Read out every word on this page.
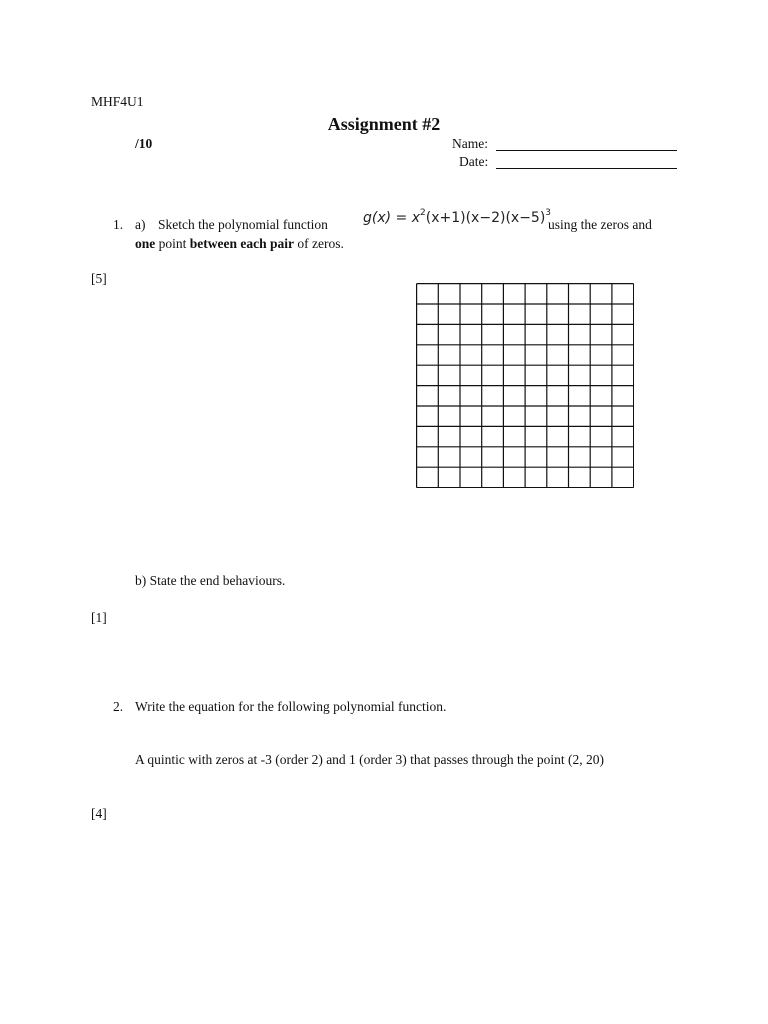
MHF4U1
Assignment #2
/10	Name:
Date:
1. a) Sketch the polynomial function	$g(x) = x^2(x+1)(x-2)(x-5)^3$
using the zeros and
one point between each pair of zeros.
[5]
b) State the end behaviours.
[1]
2. Write the equation for the following polynomial function.
A quintic with zeros at -3 (order 2) and 1 (order 3) that passes through the point (2, 20)
[4]
